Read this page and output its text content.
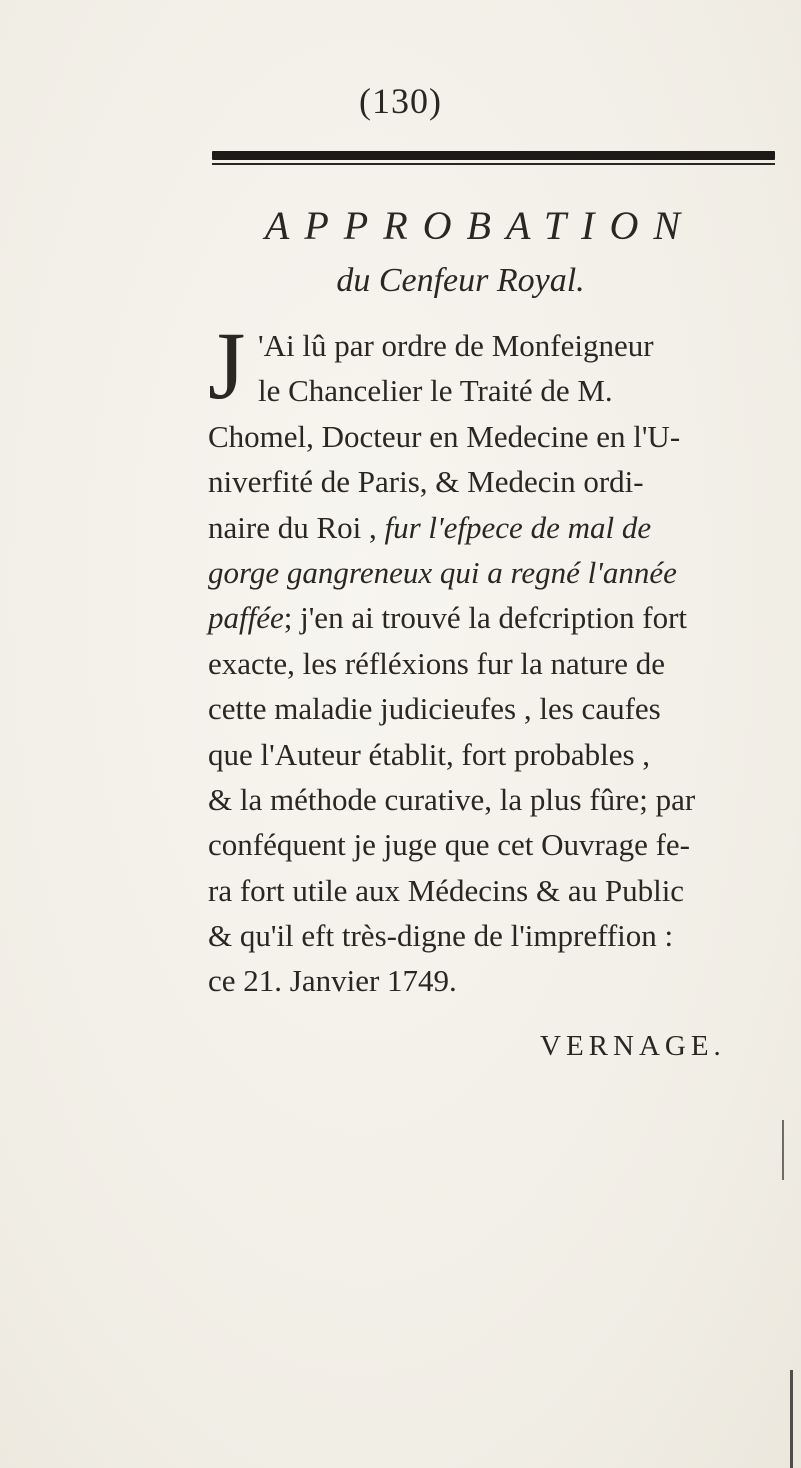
(130)
APPROBATION
du Cenfeur Royal.
J 'Ai lû par ordre de Monfeigneur
le Chancelier le Traité de M.
Chomel, Docteur en Medecine en l'U-
niverfité de Paris, & Medecin ordi-
naire du Roi , fur l'efpece de mal de
gorge gangreneux qui a regné l'année
paffée; j'en ai trouvé la defcription fort
exacte, les réfléxions fur la nature de
cette maladie judicieufes , les caufes
que l'Auteur établit, fort probables ,
& la méthode curative, la plus fûre; par
conféquent je juge que cet Ouvrage fe-
ra fort utile aux Médecins & au Public
& qu'il eft très-digne de l'impreffion :
ce 21. Janvier 1749.
VERNAGE.
